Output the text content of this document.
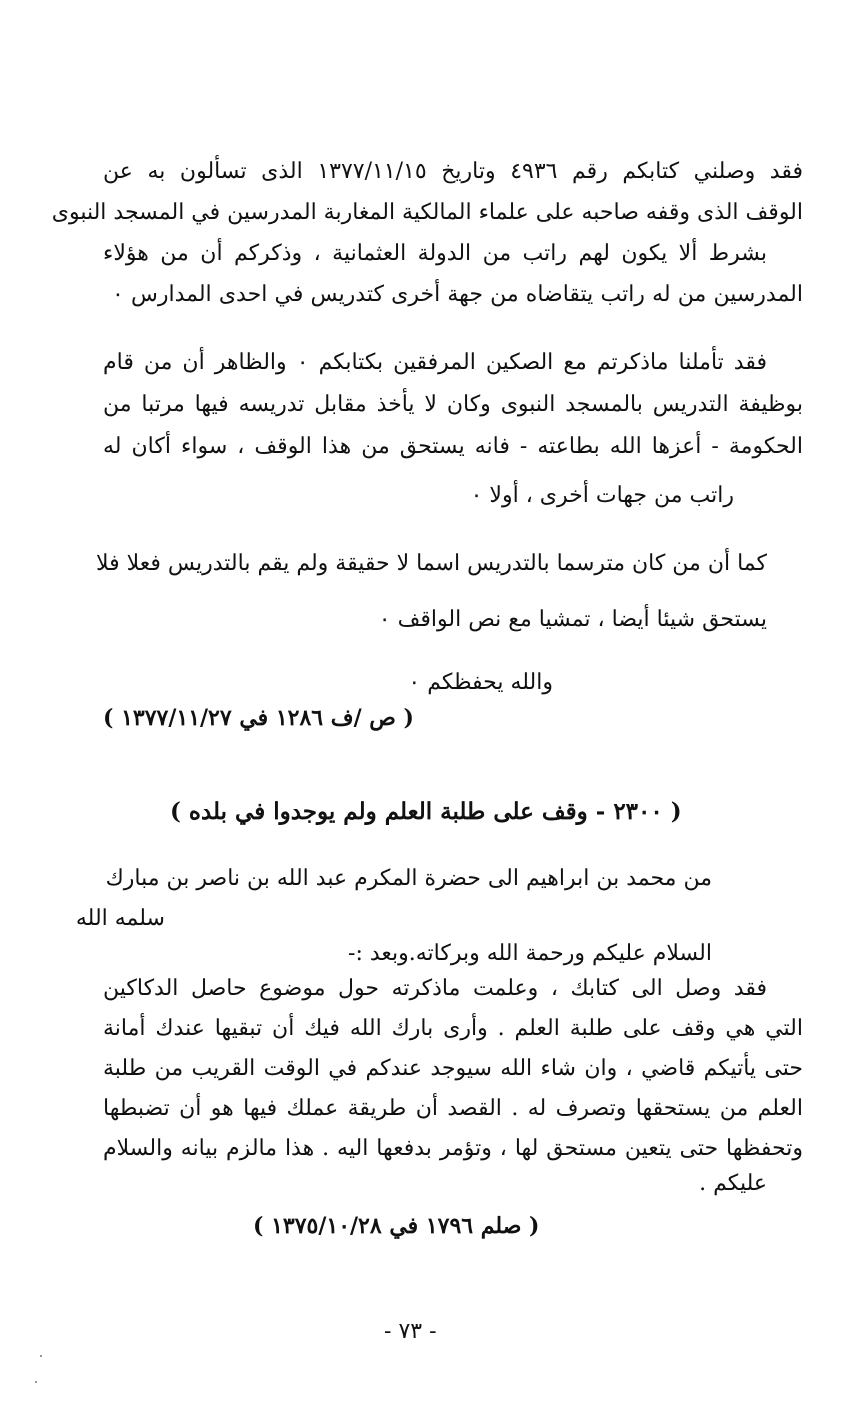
فقد وصلني كتابكم رقم ٤٩٣٦ وتاريخ ١٣٧٧/١١/١٥ الذى تسألون به عن
الوقف الذى وقفه صاحبه على علماء المالكية المغاربة المدرسين في المسجد النبوى
بشرط ألا يكون لهم راتب من الدولة العثمانية ، وذكركم أن من هؤلاء
المدرسين من له راتب يتقاضاه من جهة أخرى كتدريس في احدى المدارس ٠
فقد تأملنا ماذكرتم مع الصكين المرفقين بكتابكم ٠ والظاهر أن من قام
بوظيفة التدريس بالمسجد النبوى وكان لا يأخذ مقابل تدريسه فيها مرتبا من
الحكومة - أعزها الله بطاعته - فانه يستحق من هذا الوقف ، سواء أكان له
راتب من جهات أخرى ، أولا ٠
كما أن من كان مترسما بالتدريس اسما لا حقيقة ولم يقم بالتدريس فعلا فلا
يستحق شيئا أيضا ، تمشيا مع نص الواقف ٠
والله يحفظكم ٠
( ص /ف ١٢٨٦ في ١٣٧٧/١١/٢٧ )
( ٢٣٠٠ - وقف على طلبة العلم ولم يوجدوا في بلده )
من محمد بن ابراهيم الى حضرة المكرم عبد الله بن ناصر بن مبارك
سلمه الله
السلام عليكم ورحمة الله وبركاته.وبعد :-
فقد وصل الى كتابك ، وعلمت ماذكرته حول موضوع حاصل الدكاكين
التي هي وقف على طلبة العلم . وأرى بارك الله فيك أن تبقيها عندك أمانة
حتى يأتيكم قاضي ، وان شاء الله سيوجد عندكم في الوقت القريب من طلبة
العلم من يستحقها وتصرف له . القصد أن طريقة عملك فيها هو أن تضبطها
وتحفظها حتى يتعين مستحق لها ، وتؤمر بدفعها اليه . هذا مالزم بيانه والسلام
عليكم .
( صلم ١٧٩٦ في ١٣٧٥/١٠/٢٨ )
- ٧٣ -
